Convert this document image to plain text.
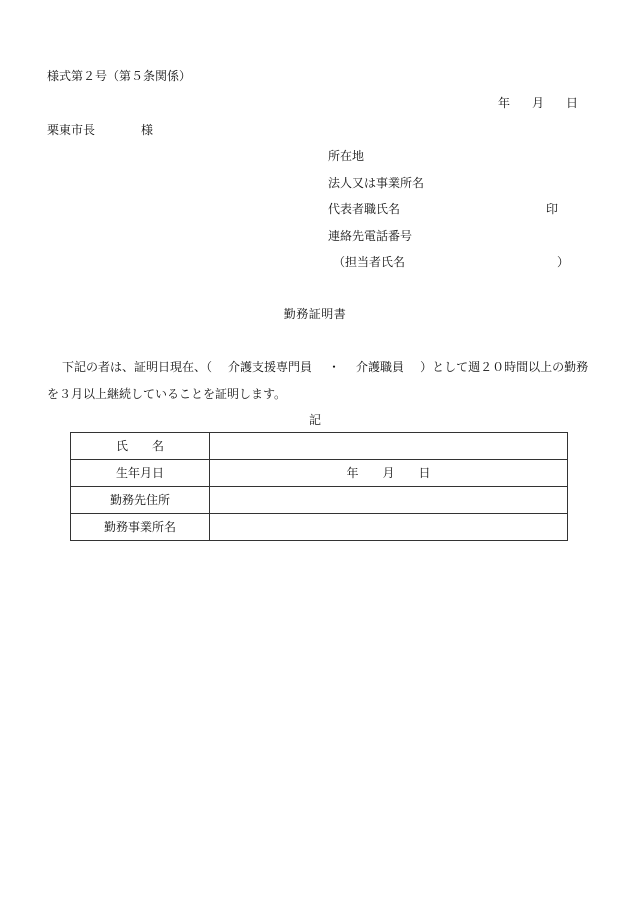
様式第２号（第５条関係）
年 月 日
栗東市長	様
所在地
法人又は事業所名
代表者職氏名	印
連絡先電話番号
（担当者氏名	）
勤務証明書
下記の者は、証明日現在、（ 介護支援専門員 ・ 介護職員 ）として週２０時間以上の勤務
を３月以上継続していることを証明します。
記
氏　　名	
生年月日	年 月 日
勤務先住所	
勤務事業所名	
